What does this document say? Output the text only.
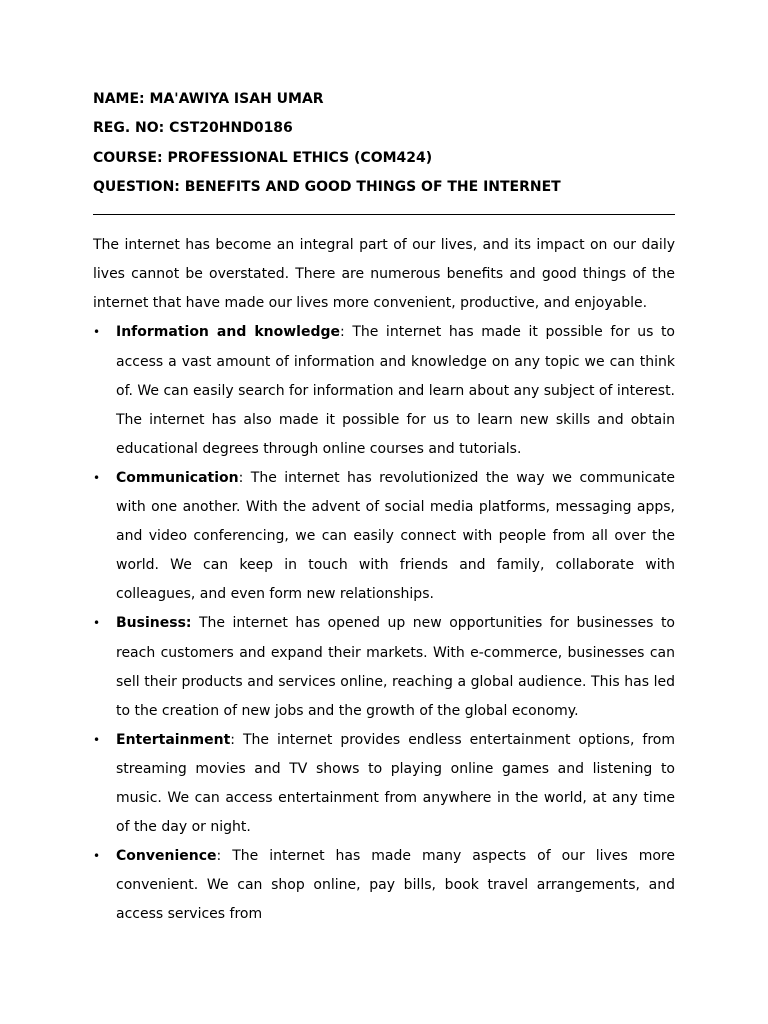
NAME: MA'AWIYA ISAH UMAR
REG. NO: CST20HND0186
COURSE: PROFESSIONAL ETHICS (COM424)
QUESTION: BENEFITS AND GOOD THINGS OF THE INTERNET

The internet has become an integral part of our lives, and its impact on our daily lives cannot be overstated. There are numerous benefits and good things of the internet that have made our lives more convenient, productive, and enjoyable.

• Information and knowledge: The internet has made it possible for us to access a vast amount of information and knowledge on any topic we can think of. We can easily search for information and learn about any subject of interest. The internet has also made it possible for us to learn new skills and obtain educational degrees through online courses and tutorials.
• Communication: The internet has revolutionized the way we communicate with one another. With the advent of social media platforms, messaging apps, and video conferencing, we can easily connect with people from all over the world. We can keep in touch with friends and family, collaborate with colleagues, and even form new relationships.
• Business: The internet has opened up new opportunities for businesses to reach customers and expand their markets. With e-commerce, businesses can sell their products and services online, reaching a global audience. This has led to the creation of new jobs and the growth of the global economy.
• Entertainment: The internet provides endless entertainment options, from streaming movies and TV shows to playing online games and listening to music. We can access entertainment from anywhere in the world, at any time of the day or night.
• Convenience: The internet has made many aspects of our lives more convenient. We can shop online, pay bills, book travel arrangements, and access services from
